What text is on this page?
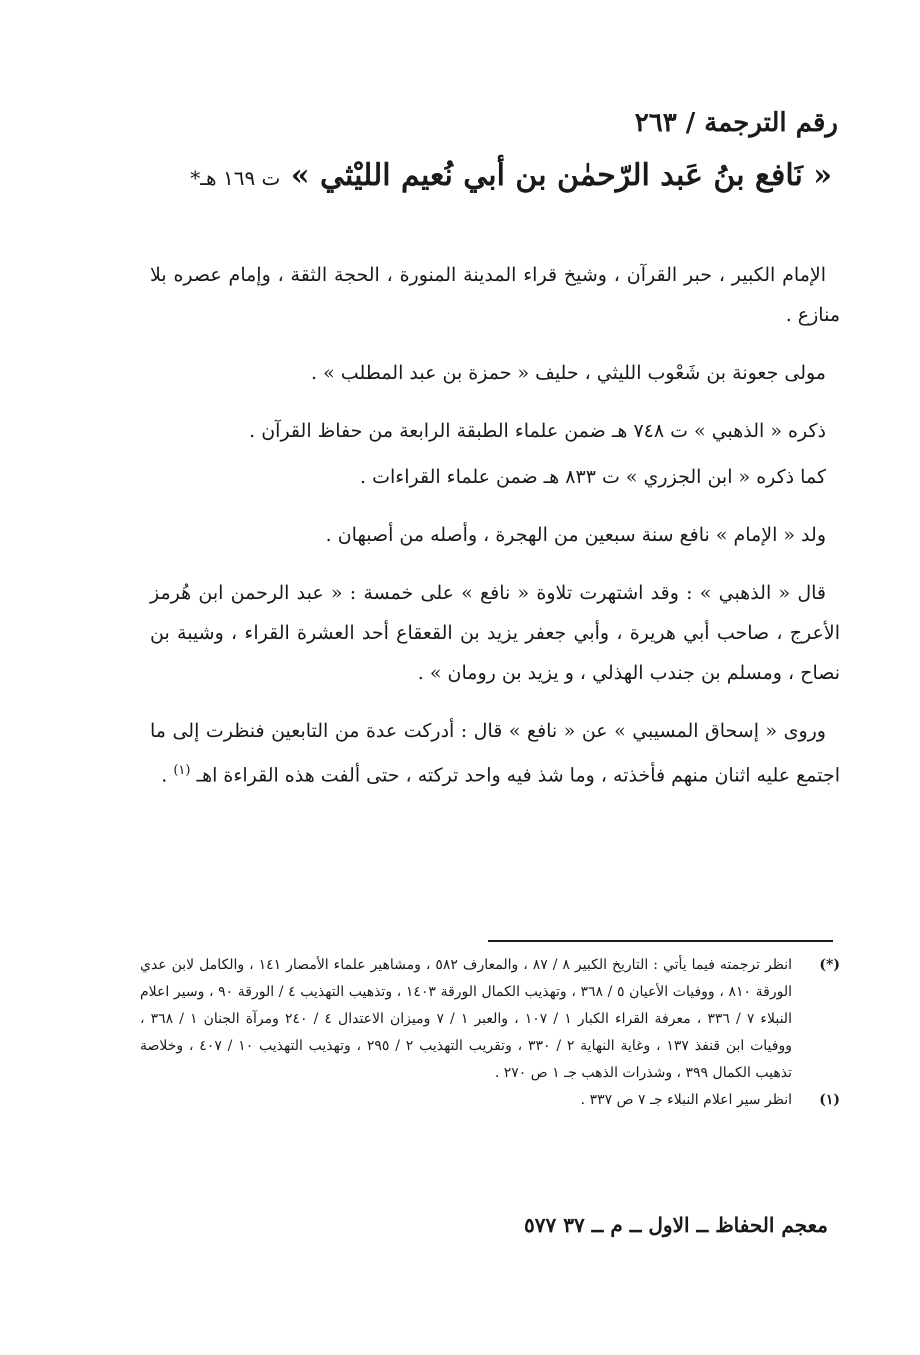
رقم الترجمة / ٢٦٣
« نَافع بنُ عَبد الرّحمٰن بن أبي نُعيم الليْثي » ت ١٦٩ هـ*

الإمام الكبير ، حبر القرآن ، وشيخ قراء المدينة المنورة ، الحجة الثقة ، وإمام عصره بلا منازع .

مولى جعونة بن شَعْوب الليثي ، حليف « حمزة بن عبد المطلب » .

ذكره « الذهبي » ت ٧٤٨ هـ ضمن علماء الطبقة الرابعة من حفاظ القرآن .

كما ذكره « ابن الجزري » ت ٨٣٣ هـ ضمن علماء القراءات .

ولد « الإمام » نافع سنة سبعين من الهجرة ، وأصله من أصبهان .

قال « الذهبي » : وقد اشتهرت تلاوة « نافع » على خمسة : « عبد الرحمن ابن هُرمز الأعرج ، صاحب أبي هريرة ، وأبي جعفر يزيد بن القعقاع أحد العشرة القراء ، وشيبة بن نصاح ، ومسلم بن جندب الهذلي ، و يزيد بن رومان » .

وروى « إسحاق المسيبي » عن « نافع » قال : أدركت عدة من التابعين فنظرت إلى ما اجتمع عليه اثنان منهم فأخذته ، وما شذ فيه واحد تركته ، حتى ألفت هذه القراءة اهـ $^{(١)}$ .

(*)
انظر ترجمته فيما يأتي : التاريخ الكبير ٨ / ٨٧ ، والمعارف ٥٨٢ ، ومشاهير علماء الأمصار ١٤١ ، والكامل لابن عدي الورقة ٨١٠ ، ووفيات الأعيان ٥ / ٣٦٨ ، وتهذيب الكمال الورقة ١٤٠٣ ، وتذهيب التهذيب ٤ / الورقة ٩٠ ، وسير اعلام النبلاء ٧ / ٣٣٦ ، معرفة القراء الكبار ١ / ١٠٧ ، والعبر ١ / ٧ وميزان الاعتدال ٤ / ٢٤٠ ومرآة الجنان ١ / ٣٦٨ ، ووفيات ابن قنفذ ١٣٧ ، وغاية النهاية ٢ / ٣٣٠ ، وتقريب التهذيب ٢ / ٢٩٥ ، وتهذيب التهذيب ١٠ / ٤٠٧ ، وخلاصة تذهيب الكمال ٣٩٩ ، وشذرات الذهب جـ ١ ص ٢٧٠ .
(١)
انظر سير اعلام النبلاء جـ ٧ ص ٣٣٧ .
معجم الحفاظ ــ الاول ــ م ــ ٣٧ ٥٧٧
